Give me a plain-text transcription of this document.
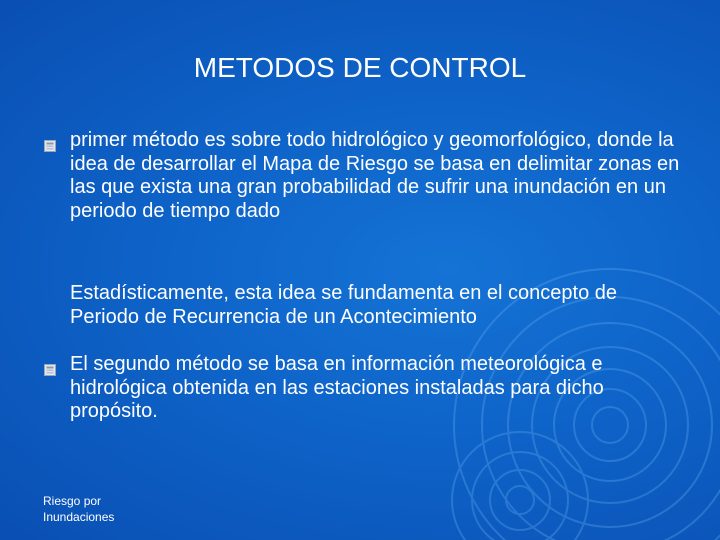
METODOS DE CONTROL
primer método es sobre todo hidrológico y geomorfológico, donde la idea de desarrollar el Mapa de Riesgo se basa en delimitar zonas en las que exista una gran probabilidad de sufrir una inundación en un periodo de tiempo dado
Estadísticamente, esta idea se fundamenta en el concepto de Periodo de Recurrencia de un Acontecimiento
El segundo método se basa en información meteorológica e hidrológica obtenida en las estaciones instaladas para dicho propósito.
Riesgo por
Inundaciones
